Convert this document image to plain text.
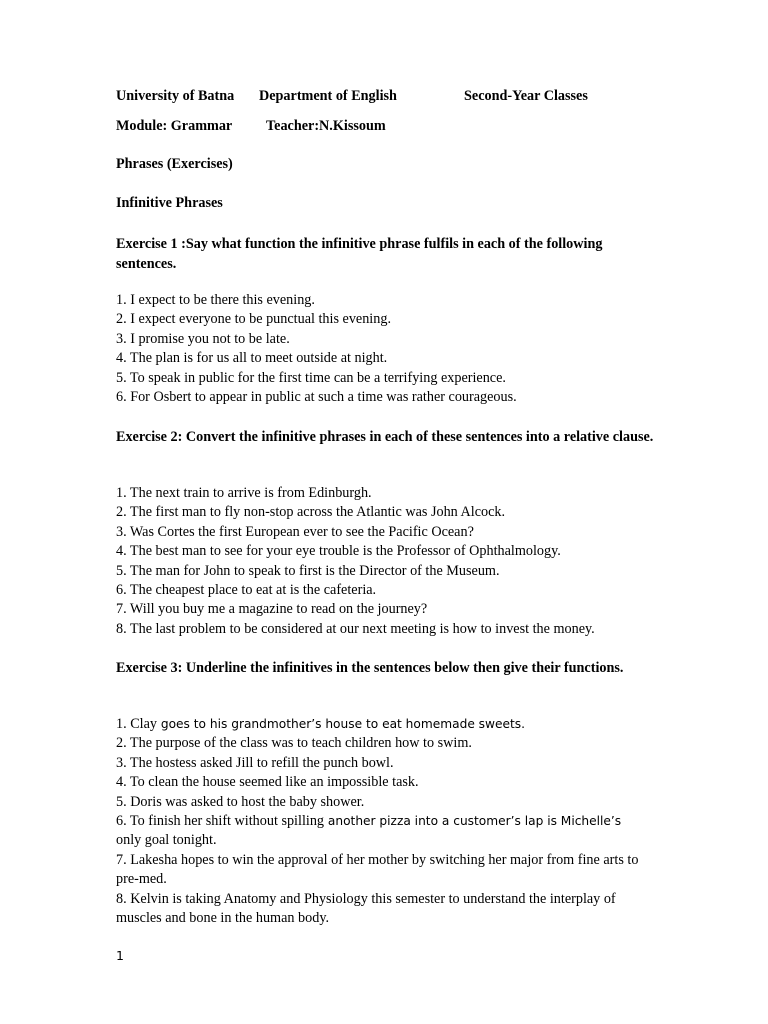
University of Batna Department of English	Second-Year Classes
Module: Grammar Teacher:N.Kissoum
Phrases (Exercises)
Infinitive Phrases
Exercise 1 :Say what function the infinitive phrase fulfils in each of the following sentences.
1. I expect to be there this evening.
2. I expect everyone to be punctual this evening.
3. I promise you not to be late.
4. The plan is for us all to meet outside at night.
5. To speak in public for the first time can be a terrifying experience.
6. For Osbert to appear in public at such a time was rather courageous.
Exercise 2: Convert the infinitive phrases in each of these sentences into a relative clause.
1. The next train to arrive is from Edinburgh.
2. The first man to fly non-stop across the Atlantic was John Alcock.
3. Was Cortes the first European ever to see the Pacific Ocean?
4. The best man to see for your eye trouble is the Professor of Ophthalmology.
5. The man for John to speak to first is the Director of the Museum.
6. The cheapest place to eat at is the cafeteria.
7. Will you buy me a magazine to read on the journey?
8. The last problem to be considered at our next meeting is how to invest the money.
Exercise 3: Underline the infinitives in the sentences below then give their functions.
1. Clay goes to his grandmother’s house to eat homemade sweets.
2. The purpose of the class was to teach children how to swim.
3. The hostess asked Jill to refill the punch bowl.
4. To clean the house seemed like an impossible task.
5. Doris was asked to host the baby shower.
6. To finish her shift without spilling another pizza into a customer’s lap is Michelle’s
only goal tonight.
7. Lakesha hopes to win the approval of her mother by switching her major from fine arts to pre-med.
8. Kelvin is taking Anatomy and Physiology this semester to understand the interplay of muscles and bone in the human body.
1
